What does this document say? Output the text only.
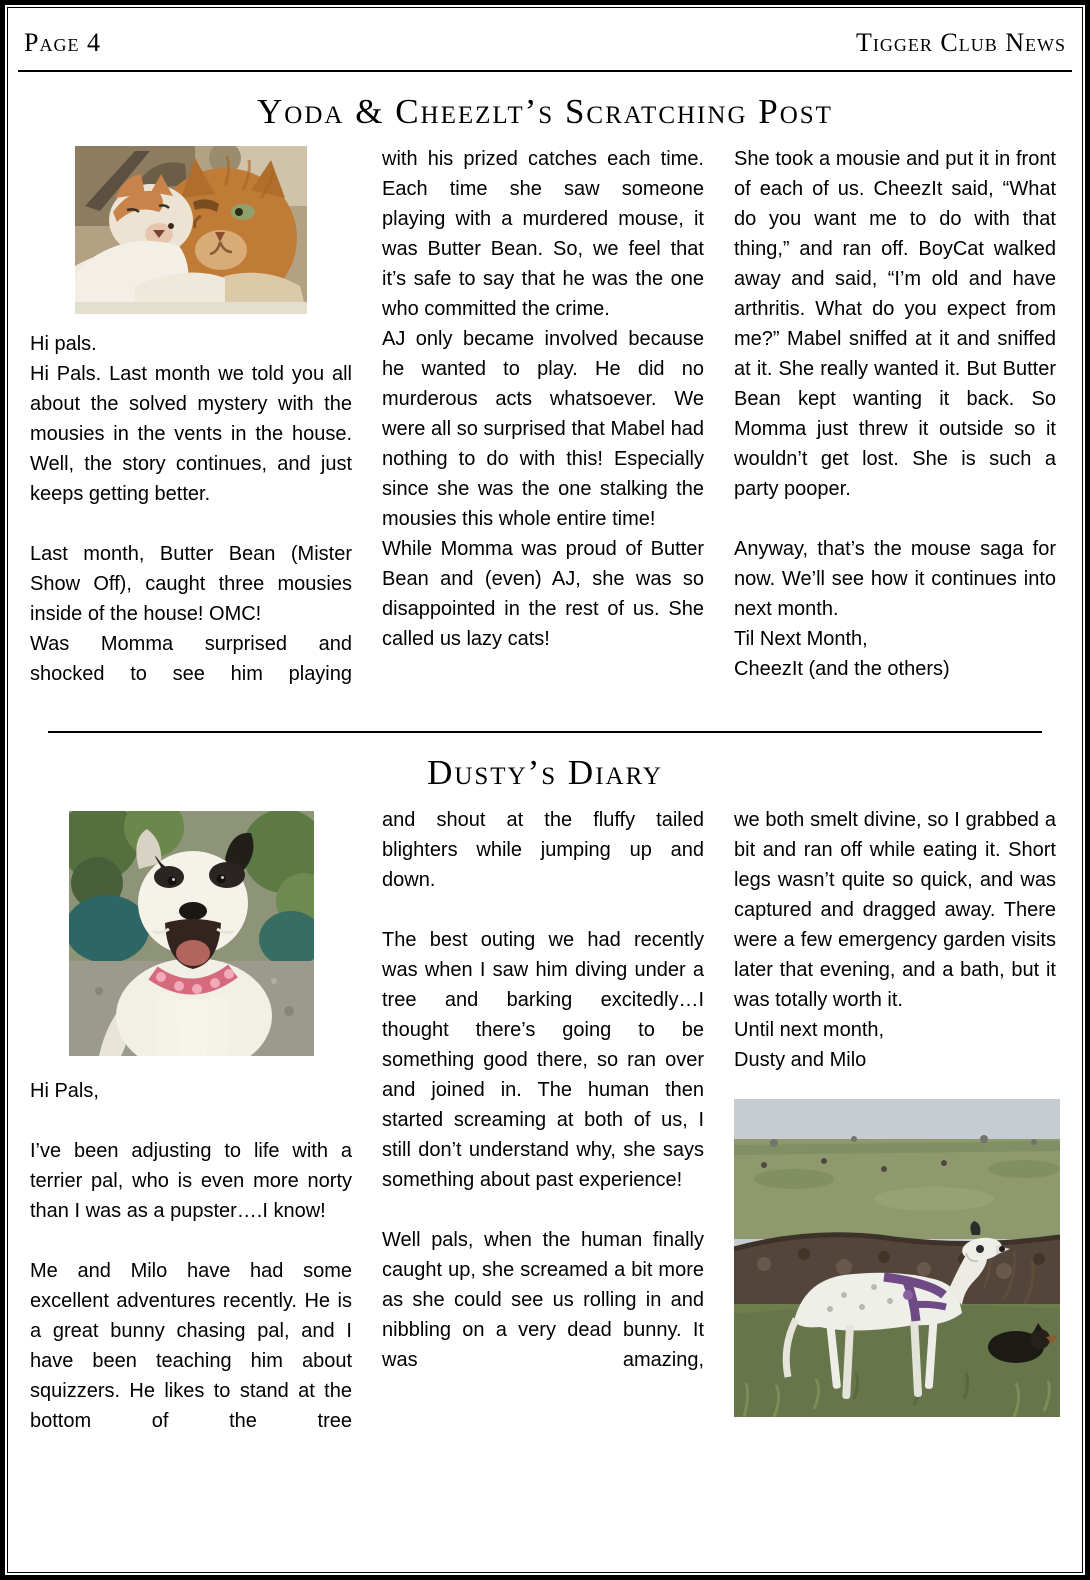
Page 4	Tigger Club News
Yoda & Cheezlt’s Scratching Post

Hi pals.

Hi Pals. Last month we told you all about the solved mystery with the mousies in the vents in the house. Well, the story continues, and just keeps getting better.

Last month, Butter Bean (Mister Show Off), caught three mousies inside of the house! OMC!

Was Momma surprised and shocked to see him playing

with his prized catches each time. Each time she saw someone playing with a murdered mouse, it was Butter Bean. So, we feel that it’s safe to say that he was the one who committed the crime.

AJ only became involved because he wanted to play. He did no murderous acts whatsoever. We were all so surprised that Mabel had nothing to do with this! Especially since she was the one stalking the mousies this whole entire time!

While Momma was proud of Butter Bean and (even) AJ, she was so disappointed in the rest of us. She called us lazy cats!

She took a mousie and put it in front of each of us. CheezIt said, “What do you want me to do with that thing,” and ran off. BoyCat walked away and said, “I’m old and have arthritis. What do you expect from me?” Mabel sniffed at it and sniffed at it. She really wanted it. But Butter Bean kept wanting it back. So Momma just threw it outside so it wouldn’t get lost. She is such a party pooper.

Anyway, that’s the mouse saga for now. We’ll see how it continues into next month.

Til Next Month,

CheezIt (and the others)

Dusty’s Diary

Hi Pals,

I’ve been adjusting to life with a terrier pal, who is even more norty than I was as a pupster….I know!

Me and Milo have had some excellent adventures recently. He is a great bunny chasing pal, and I have been teaching him about squizzers. He likes to stand at the bottom of the tree

and shout at the fluffy tailed blighters while jumping up and down.

The best outing we had recently was when I saw him diving under a tree and barking excitedly…I thought there’s going to be something good there, so ran over and joined in. The human then started screaming at both of us, I still don’t understand why, she says something about past experience!

Well pals, when the human finally caught up, she screamed a bit more as she could see us rolling in and nibbling on a very dead bunny. It was amazing,

we both smelt divine, so I grabbed a bit and ran off while eating it. Short legs wasn’t quite so quick, and was captured and dragged away. There were a few emergency garden visits later that evening, and a bath, but it was totally worth it.

Until next month,

Dusty and Milo
